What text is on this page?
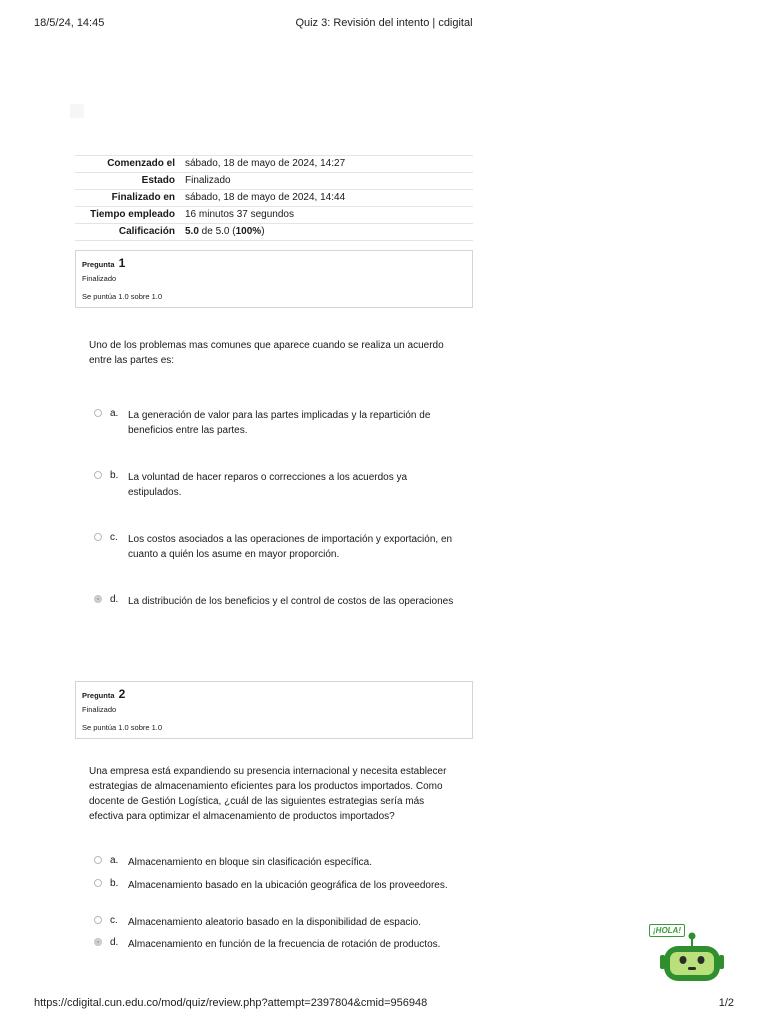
18/5/24, 14:45	Quiz 3: Revisión del intento | cdigital
Comenzado el	sábado, 18 de mayo de 2024, 14:27
Estado	Finalizado
Finalizado en	sábado, 18 de mayo de 2024, 14:44
Tiempo empleado	16 minutos 37 segundos
Calificación	5.0 de 5.0 (100%)
Pregunta 1
Finalizado
Se puntúa 1.0 sobre 1.0
Uno de los problemas mas comunes que aparece cuando se realiza un acuerdo entre las partes es:
a. La generación de valor para las partes implicadas y la repartición de beneficios entre las partes.
b. La voluntad de hacer reparos o correcciones a los acuerdos ya estipulados.
c. Los costos asociados a las operaciones de importación y exportación, en cuanto a quién los asume en mayor proporción.
d. La distribución de los beneficios y el control de costos de las operaciones
Pregunta 2
Finalizado
Se puntúa 1.0 sobre 1.0
Una empresa está expandiendo su presencia internacional y necesita establecer estrategias de almacenamiento eficientes para los productos importados. Como docente de Gestión Logística, ¿cuál de las siguientes estrategias sería más efectiva para optimizar el almacenamiento de productos importados?
a. Almacenamiento en bloque sin clasificación específica.
b. Almacenamiento basado en la ubicación geográfica de los proveedores.
c. Almacenamiento aleatorio basado en la disponibilidad de espacio.
d. Almacenamiento en función de la frecuencia de rotación de productos.
¡HOLA!
https://cdigital.cun.edu.co/mod/quiz/review.php?attempt=2397804&cmid=956948	1/2
